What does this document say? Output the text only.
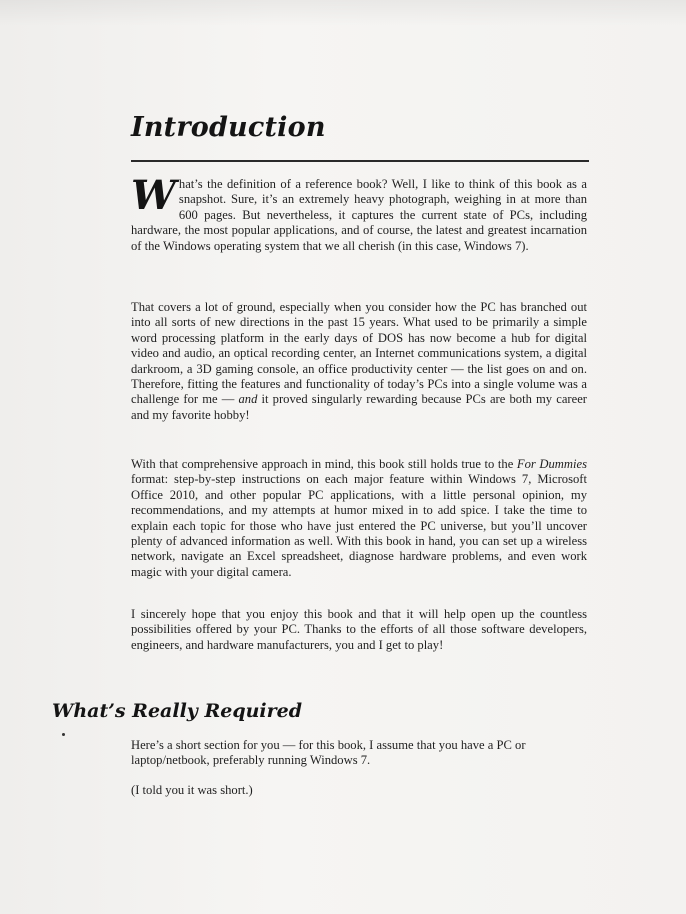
Introduction
What’s the definition of a reference book? Well, I like to think of this book as a snapshot. Sure, it’s an extremely heavy photograph, weighing in at more than 600 pages. But nevertheless, it captures the current state of PCs, including hardware, the most popular applications, and of course, the latest and greatest incarnation of the Windows operating system that we all cherish (in this case, Windows 7).
That covers a lot of ground, especially when you consider how the PC has branched out into all sorts of new directions in the past 15 years. What used to be primarily a simple word processing platform in the early days of DOS has now become a hub for digital video and audio, an optical recording center, an Internet communications system, a digital darkroom, a 3D gaming console, an office productivity center — the list goes on and on. Therefore, fitting the features and functionality of today’s PCs into a single volume was a challenge for me — and it proved singularly rewarding because PCs are both my career and my favorite hobby!
With that comprehensive approach in mind, this book still holds true to the For Dummies format: step-by-step instructions on each major feature within Windows 7, Microsoft Office 2010, and other popular PC applications, with a little personal opinion, my recommendations, and my attempts at humor mixed in to add spice. I take the time to explain each topic for those who have just entered the PC universe, but you’ll uncover plenty of advanced information as well. With this book in hand, you can set up a wireless network, navigate an Excel spreadsheet, diagnose hardware problems, and even work magic with your digital camera.
I sincerely hope that you enjoy this book and that it will help open up the countless possibilities offered by your PC. Thanks to the efforts of all those software developers, engineers, and hardware manufacturers, you and I get to play!
What’s Really Required
Here’s a short section for you — for this book, I assume that you have a PC or laptop/netbook, preferably running Windows 7.
(I told you it was short.)
